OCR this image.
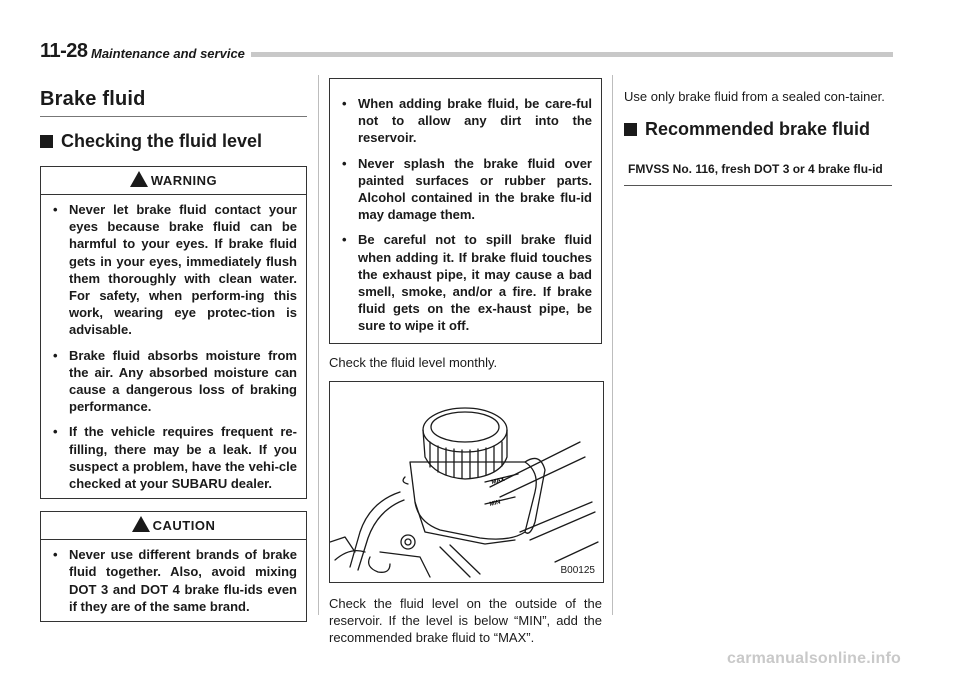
11-28 Maintenance and service
Brake fluid
Checking the fluid level
WARNING
• Never let brake fluid contact your eyes because brake fluid can be harmful to your eyes. If brake fluid gets in your eyes, immediately flush them thoroughly with clean water. For safety, when perform-ing this work, wearing eye protec-tion is advisable.
• Brake fluid absorbs moisture from the air. Any absorbed moisture can cause a dangerous loss of braking performance.
• If the vehicle requires frequent re-filling, there may be a leak. If you suspect a problem, have the vehi-cle checked at your SUBARU dealer.
CAUTION
• Never use different brands of brake fluid together. Also, avoid mixing DOT 3 and DOT 4 brake flu-ids even if they are of the same brand.
• When adding brake fluid, be care-ful not to allow any dirt into the reservoir.
• Never splash the brake fluid over painted surfaces or rubber parts. Alcohol contained in the brake flu-id may damage them.
• Be careful not to spill brake fluid when adding it. If brake fluid touches the exhaust pipe, it may cause a bad smell, smoke, and/or a fire. If brake fluid gets on the ex-haust pipe, be sure to wipe it off.

Check the fluid level monthly.

MAX
MIN
B00125

Check the fluid level on the outside of the reservoir. If the level is below “MIN”, add the recommended brake fluid to “MAX”.

Use only brake fluid from a sealed con-tainer.

Recommended brake fluid
FMVSS No. 116, fresh DOT 3 or 4 brake flu-id
carmanualsonline.info
